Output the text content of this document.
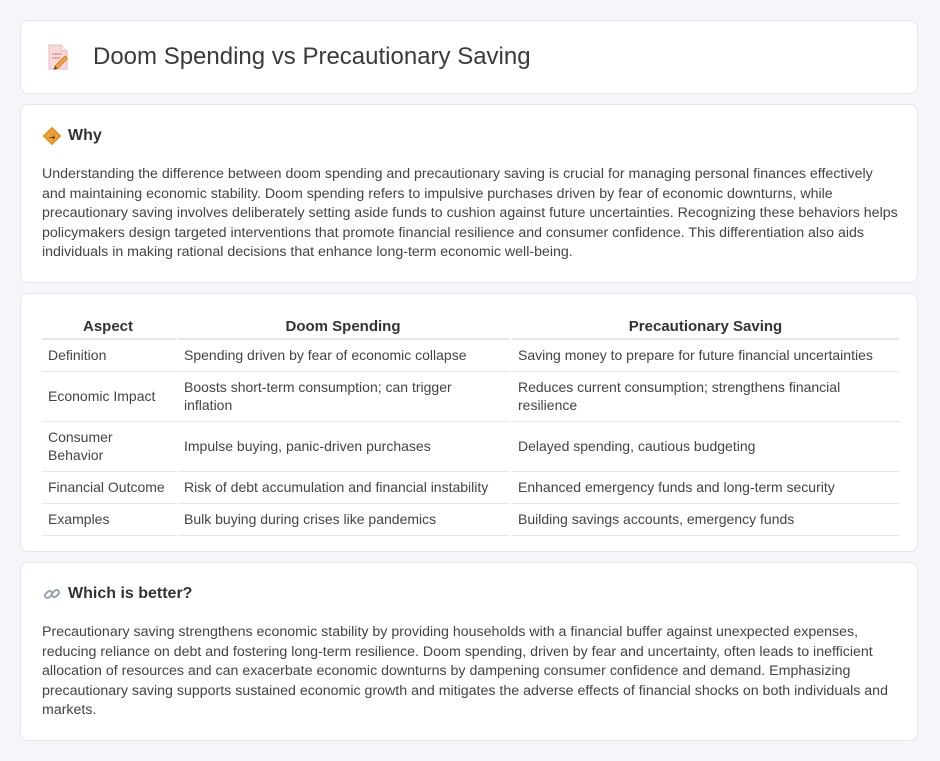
Doom Spending vs Precautionary Saving
Why

Understanding the difference between doom spending and precautionary saving is crucial for managing personal finances effectively and maintaining economic stability. Doom spending refers to impulsive purchases driven by fear of economic downturns, while precautionary saving involves deliberately setting aside funds to cushion against future uncertainties. Recognizing these behaviors helps policymakers design targeted interventions that promote financial resilience and consumer confidence. This differentiation also aids individuals in making rational decisions that enhance long-term economic well-being.

Aspect	Doom Spending	Precautionary Saving
Definition	Spending driven by fear of economic collapse	Saving money to prepare for future financial uncertainties
Economic Impact	Boosts short-term consumption; can trigger inflation	Reduces current consumption; strengthens financial resilience
Consumer Behavior	Impulse buying, panic-driven purchases	Delayed spending, cautious budgeting
Financial Outcome	Risk of debt accumulation and financial instability	Enhanced emergency funds and long-term security
Examples	Bulk buying during crises like pandemics	Building savings accounts, emergency funds
Which is better?

Precautionary saving strengthens economic stability by providing households with a financial buffer against unexpected expenses, reducing reliance on debt and fostering long-term resilience. Doom spending, driven by fear and uncertainty, often leads to inefficient allocation of resources and can exacerbate economic downturns by dampening consumer confidence and demand. Emphasizing precautionary saving supports sustained economic growth and mitigates the adverse effects of financial shocks on both individuals and markets.
